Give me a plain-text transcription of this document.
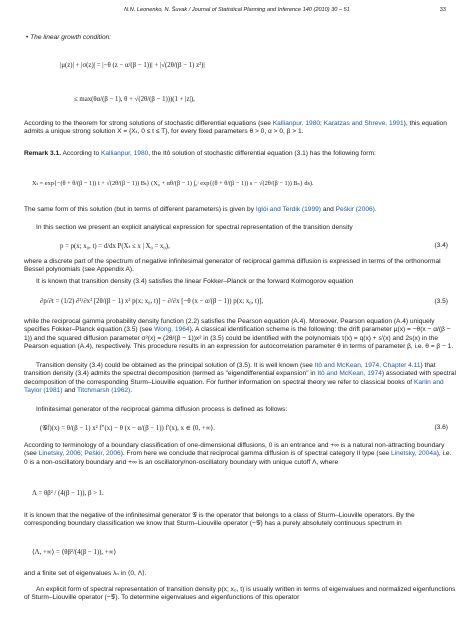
N.N. Leonenko, N. Šuvak / Journal of Statistical Planning and Inference 140 (2010) 30 – 51	33
• The linear growth condition:
|μ(z)| + |σ(z)| = |−θ (z − α/(β − 1))| + |√(2θ/(β − 1) z²)|
≤ max(θα/(β − 1), θ + √(2θ/(β − 1)))(1 + |z|),
According to the theorem for strong solutions of stochastic differential equations (see Kallianpur, 1980; Karatzas and Shreve, 1991), this equation admits a unique strong solution X = {Xₜ, 0 ≤ t ≤ T}, for every fixed parameters θ > 0, α > 0, β > 1.
Remark 3.1. According to Kallianpur, 1980, the Itô solution of stochastic differential equation (3.1) has the following form:
Xₜ = exp{−(θ + θ/(β − 1)) t + √(2θ/(β − 1)) Bₜ} (X₀ + αθ/(β − 1) ∫₀ᵗ exp{(θ + θ/(β − 1)) s − √(2θ/(β − 1)) Bₛ} ds).
The same form of this solution (but in terms of different parameters) is given by Iglói and Terdik (1999) and Peškir (2006).
In this section we present an explicit analytical expression for spectral representation of the transition density
p = p(x; x₀, t) = d/dx P(Xₜ ≤ x | X₀ = x₀),	(3.4)
where a discrete part of the spectrum of negative infinitesimal generator of reciprocal gamma diffusion is expressed in terms of the orthonormal Bessel polynomials (see Appendix A).
It is known that transition density (3.4) satisfies the linear Fokker–Planck or the forward Kolmogorov equation
∂p/∂t = (1/2) ∂²/∂x² [2θ/(β − 1) x² p(x; x₀, t)] − ∂/∂x [−θ (x − α/(β − 1)) p(x; x₀, t)],	(3.5)
while the reciprocal gamma probability density function (2.2) satisfies the Pearson equation (A.4). Moreover, Pearson equation (A.4) uniquely specifies Fokker–Planck equation (3.5) (see Wong, 1964). A classical identification scheme is the following: the drift parameter μ(x) = −θ(x − α/(β − 1)) and the squared diffusion parameter σ²(x) = (2θ/(β − 1))x² in (3.5) could be identified with the polynomials τ(x) = q(x) + s′(x) and 2s(x) in the Pearson equation (A.4), respectively. This procedure results in an expression for autocorrelation parameter θ in terms of parameter β, i.e. θ = β − 1.
Transition density (3.4) could be obtained as the principal solution of (3.5). It is well known (see Itô and McKean, 1974, Chapter 4.11) that transition density (3.4) admits the spectral decomposition (termed as "eigendifferential expansion" in Itô and McKean, 1974) associated with spectral decomposition of the corresponding Sturm–Liouville equation. For further information on spectral theory we refer to classical books of Karlin and Taylor (1981) and Titchmarsh (1962).
Infinitesimal generator of the reciprocal gamma diffusion process is defined as follows:
(𝒢f)(x) = θ/(β − 1) x² f″(x) − θ (x − α/(β − 1)) f′(x), x ∈ ⟨0, +∞⟩.	(3.6)
According to terminology of a boundary classification of one-dimensional diffusions, 0 is an entrance and +∞ is a natural non-attracting boundary (see Linetsky, 2006; Peškir, 2006). From here we conclude that reciprocal gamma diffusion is of spectral category II type (see Linetsky, 2004a), i.e. 0 is a non-oscillatory boundary and +∞ is an oscillatory/non-oscillatory boundary with unique cutoff Λ, where
Λ = θβ² / (4(β − 1)), β > 1.
It is known that the negative of the infinitesimal generator 𝒢 is the operator that belongs to a class of Sturm–Liouville operators. By the corresponding boundary classification we know that Sturm–Liouville operator (−𝒢) has a purely absolutely continuous spectrum in
⟨Λ, +∞⟩ = ⟨θβ²/(4(β − 1)), +∞⟩
and a finite set of eigenvalues λₙ in ⟨0, Λ⟩.
An explicit form of spectral representation of transition density p(x; x₀, t) is usually written in terms of eigenvalues and normalized eigenfunctions of Sturm–Liouville operator (−𝒢). To determine eigenvalues and eigenfunctions of this operator
